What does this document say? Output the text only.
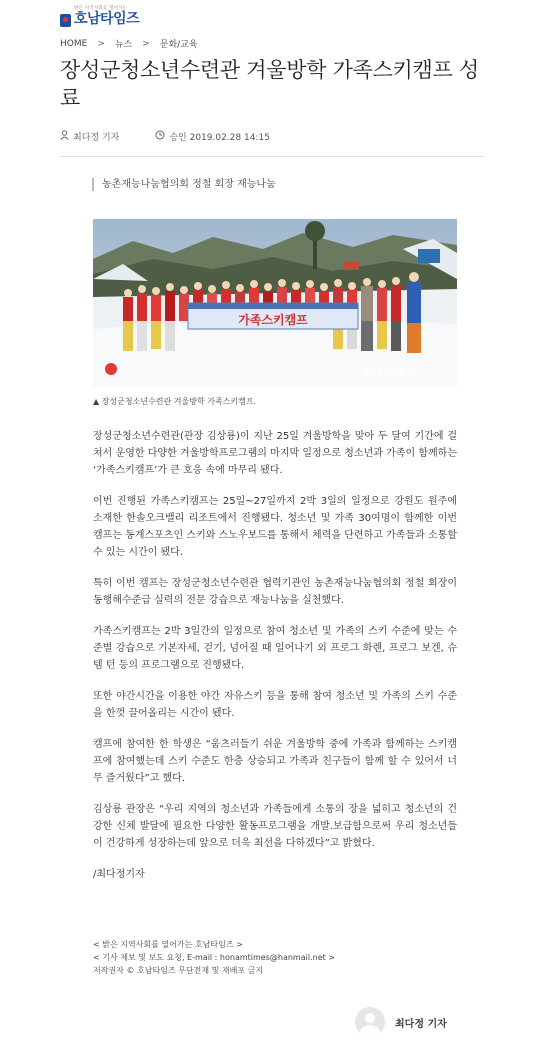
밝은 지역사회를 열어가는
호남타임즈
HOME > 뉴스 > 문화/교육
장성군청소년수련관 겨울방학 가족스키캠프 성료
최다정 기자	승인 2019.02.28 14:15
농촌재능나눔협의회 정철 회장 재능나눔
가족스키캠프
호남타임즈
▲ 장성군청소년수련관 겨울방학 가족스키캠프.

장성군청소년수련관(관장 김상룡)이 지난 25일 겨울방학을 맞아 두 달여 기간에 걸쳐서 운영한 다양한 겨울방학프로그램의 마지막 일정으로 청소년과 가족이 함께하는 ‘가족스키캠프’가 큰 호응 속에 마무리 됐다.

이번 진행된 가족스키캠프는 25일~27일까지 2박 3일의 일정으로 강원도 원주에 소재한 한솔오크밸리 리조트에서 진행됐다. 청소년 및 가족 30여명이 함께한 이번 캠프는 동계스포츠인 스키와 스노우보드를 통해서 체력을 단련하고 가족들과 소통할 수 있는 시간이 됐다.

특히 이번 캠프는 장성군청소년수련관 협력기관인 농촌재능나눔협의회 정철 회장이 동행해수준급 실력의 전문 강습으로 재능나눔을 실천했다.

가족스키캠프는 2박 3일간의 일정으로 참여 청소년 및 가족의 스키 수준에 맞는 수준별 강습으로 기본자세, 걷기, 넘어질 때 일어나기 외 프로그 화렌, 프로그 보겐, 슈템 턴 등의 프로그램으로 진행됐다.

또한 야간시간을 이용한 야간 자유스키 등을 통해 참여 청소년 및 가족의 스키 수준을 한껏 끌어올리는 시간이 됐다.

캠프에 참여한 한 학생은 “움츠러들기 쉬운 겨울방학 중에 가족과 함께하는 스키캠프에 참여했는데 스키 수준도 한층 상승되고 가족과 친구들이 함께 할 수 있어서 너무 즐거웠다”고 했다.

김상룡 관장은 “우리 지역의 청소년과 가족들에게 소통의 장을 넓히고 청소년의 건강한 신체 발달에 필요한 다양한 활동프로그램을 개발.보급함으로써 우리 청소년들이 건강하게 성장하는데 앞으로 더욱 최선을 다하겠다”고 밝혔다.

/최다정기자

< 밝은 지역사회를 열어가는 호남타임즈 >
< 기사 제보 및 보도 요청, E-mail : honamtimes@hanmail.net >
저작권자 © 호남타임즈 무단전재 및 재배포 금지
최다정 기자
